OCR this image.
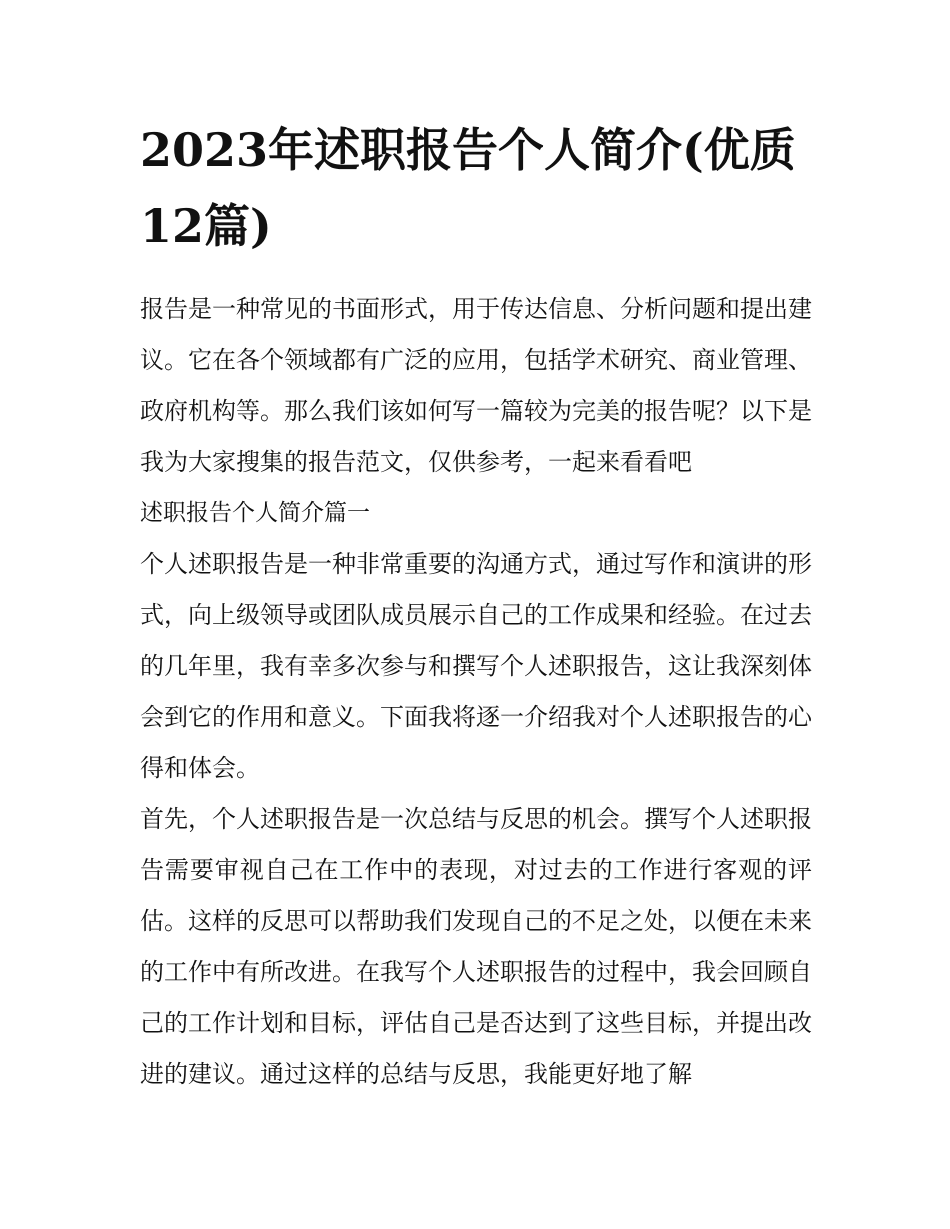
2023年述职报告个人简介(优质12篇)

报告是一种常见的书面形式，用于传达信息、分析问题和提出建议。它在各个领域都有广泛的应用，包括学术研究、商业管理、政府机构等。那么我们该如何写一篇较为完美的报告呢？以下是我为大家搜集的报告范文，仅供参考，一起来看看吧

述职报告个人简介篇一

个人述职报告是一种非常重要的沟通方式，通过写作和演讲的形式，向上级领导或团队成员展示自己的工作成果和经验。在过去的几年里，我有幸多次参与和撰写个人述职报告，这让我深刻体会到它的作用和意义。下面我将逐一介绍我对个人述职报告的心得和体会。

首先，个人述职报告是一次总结与反思的机会。撰写个人述职报告需要审视自己在工作中的表现，对过去的工作进行客观的评估。这样的反思可以帮助我们发现自己的不足之处，以便在未来的工作中有所改进。在我写个人述职报告的过程中，我会回顾自己的工作计划和目标，评估自己是否达到了这些目标，并提出改进的建议。通过这样的总结与反思，我能更好地了解
